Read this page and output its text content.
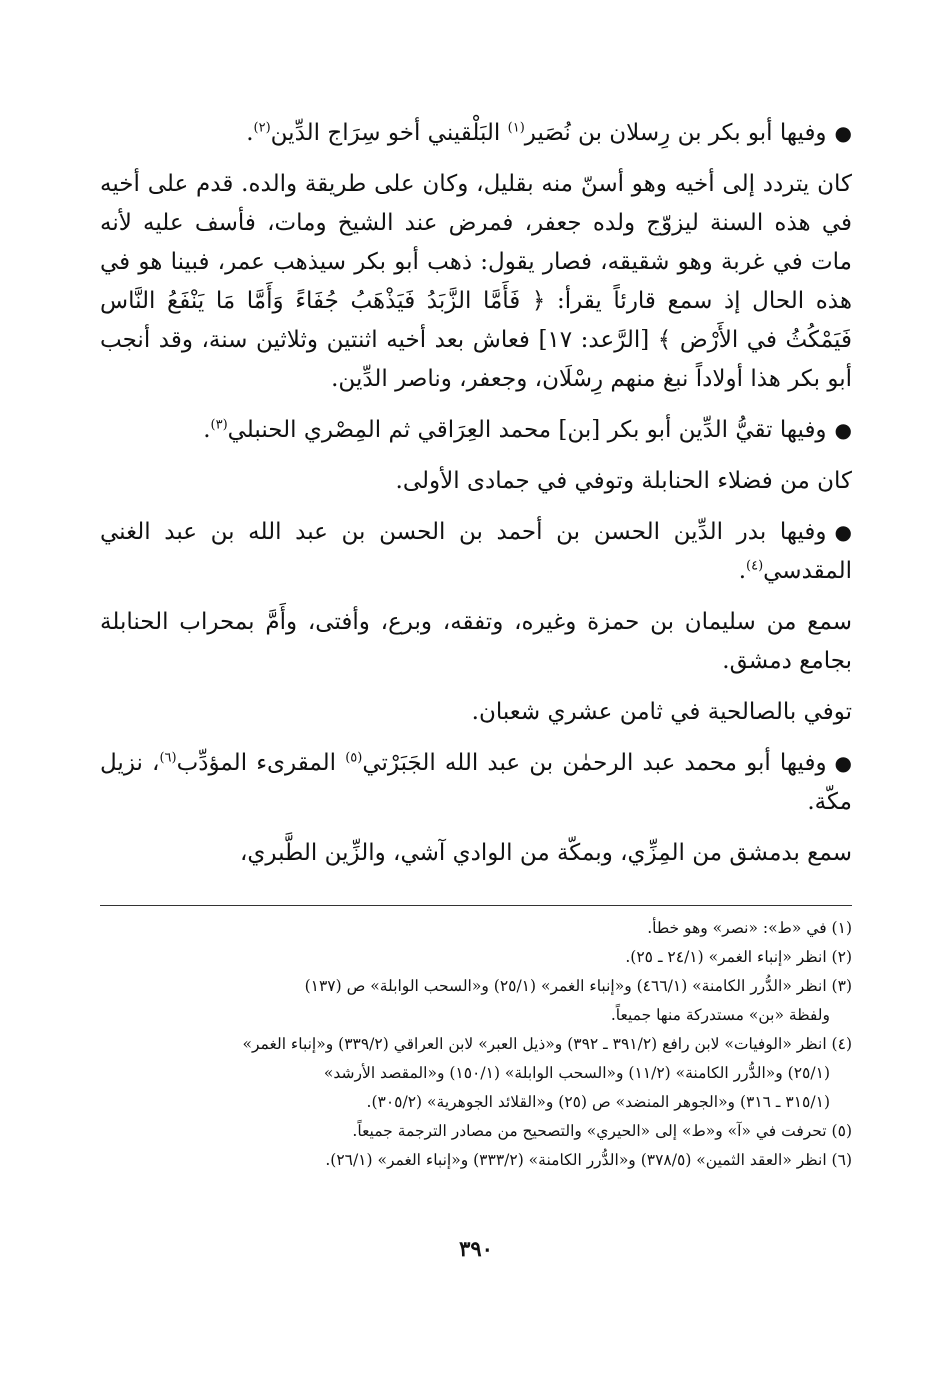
●وفيها أبو بكر بن رِسلان بن نُصَير$^{(١)}$ البَلْقيني أخو سِرَاج الدِّين$^{(٢)}$.

كان يتردد إلى أخيه وهو أسنّ منه بقليل، وكان على طريقة والده. قدم على أخيه في هذه السنة ليزوّج ولده جعفر، فمرض عند الشيخ ومات، فأسف عليه لأنه مات في غربة وهو شقيقه، فصار يقول: ذهب أبو بكر سيذهب عمر، فبينا هو في هذه الحال إذ سمع قارئاً يقرأ: ﴿ فَأَمَّا الزَّبَدُ فَيَذْهَبُ جُفَاءً وَأَمَّا مَا يَنْفَعُ النَّاس فَيَمْكُثُ في الأَرْض ﴾ [الرَّعد: ١٧] فعاش بعد أخيه اثنتين وثلاثين سنة، وقد أنجب أبو بكر هذا أولاداً نبغ منهم رِسْلَان، وجعفر، وناصر الدِّين.

●وفيها تقيُّ الدِّين أبو بكر [بن] محمد العِرَاقي ثم المِصْري الحنبلي$^{(٣)}$.

كان من فضلاء الحنابلة وتوفي في جمادى الأولى.

●وفيها بدر الدِّين الحسن بن أحمد بن الحسن بن عبد الله بن عبد الغني المقدسي$^{(٤)}$.

سمع من سليمان بن حمزة وغيره، وتفقه، وبرع، وأفتى، وأَمَّ بمحراب الحنابلة بجامع دمشق.

توفي بالصالحية في ثامن عشري شعبان.

●وفيها أبو محمد عبد الرحمٰن بن عبد الله الجَبَرْتي$^{(٥)}$ المقرىء المؤدِّب$^{(٦)}$، نزيل مكّة.

سمع بدمشق من المِزِّي، وبمكّة من الوادي آشي، والزِّين الطَّبري،

(١) في «ط»: «نصر» وهو خطأ.

(٢) انظر «إنباء الغمر» (٢٤/١ ـ ٢٥).

(٣) انظر «الدُّرر الكامنة» (٤٦٦/١) و«إنباء الغمر» (٢٥/١) و«السحب الوابلة» ص (١٣٧)
ولفظة «بن» مستدركة منها جميعاً.

(٤) انظر «الوفيات» لابن رافع (٣٩١/٢ ـ ٣٩٢) و«ذيل العبر» لابن العراقي (٣٣٩/٢) و«إنباء الغمر»
(٢٥/١) و«الدُّرر الكامنة» (١١/٢) و«السحب الوابلة» (١٥٠/١) و«المقصد الأرشد»
(٣١٥/١ ـ ٣١٦) و«الجوهر المنضد» ص (٢٥) و«القلائد الجوهرية» (٣٠٥/٢).

(٥) تحرفت في «آ» و«ط» إلى «الحيري» والتصحيح من مصادر الترجمة جميعاً.

(٦) انظر «العقد الثمين» (٣٧٨/٥) و«الدُّرر الكامنة» (٣٣٣/٢) و«إنباء الغمر» (٢٦/١).

٣٩٠
